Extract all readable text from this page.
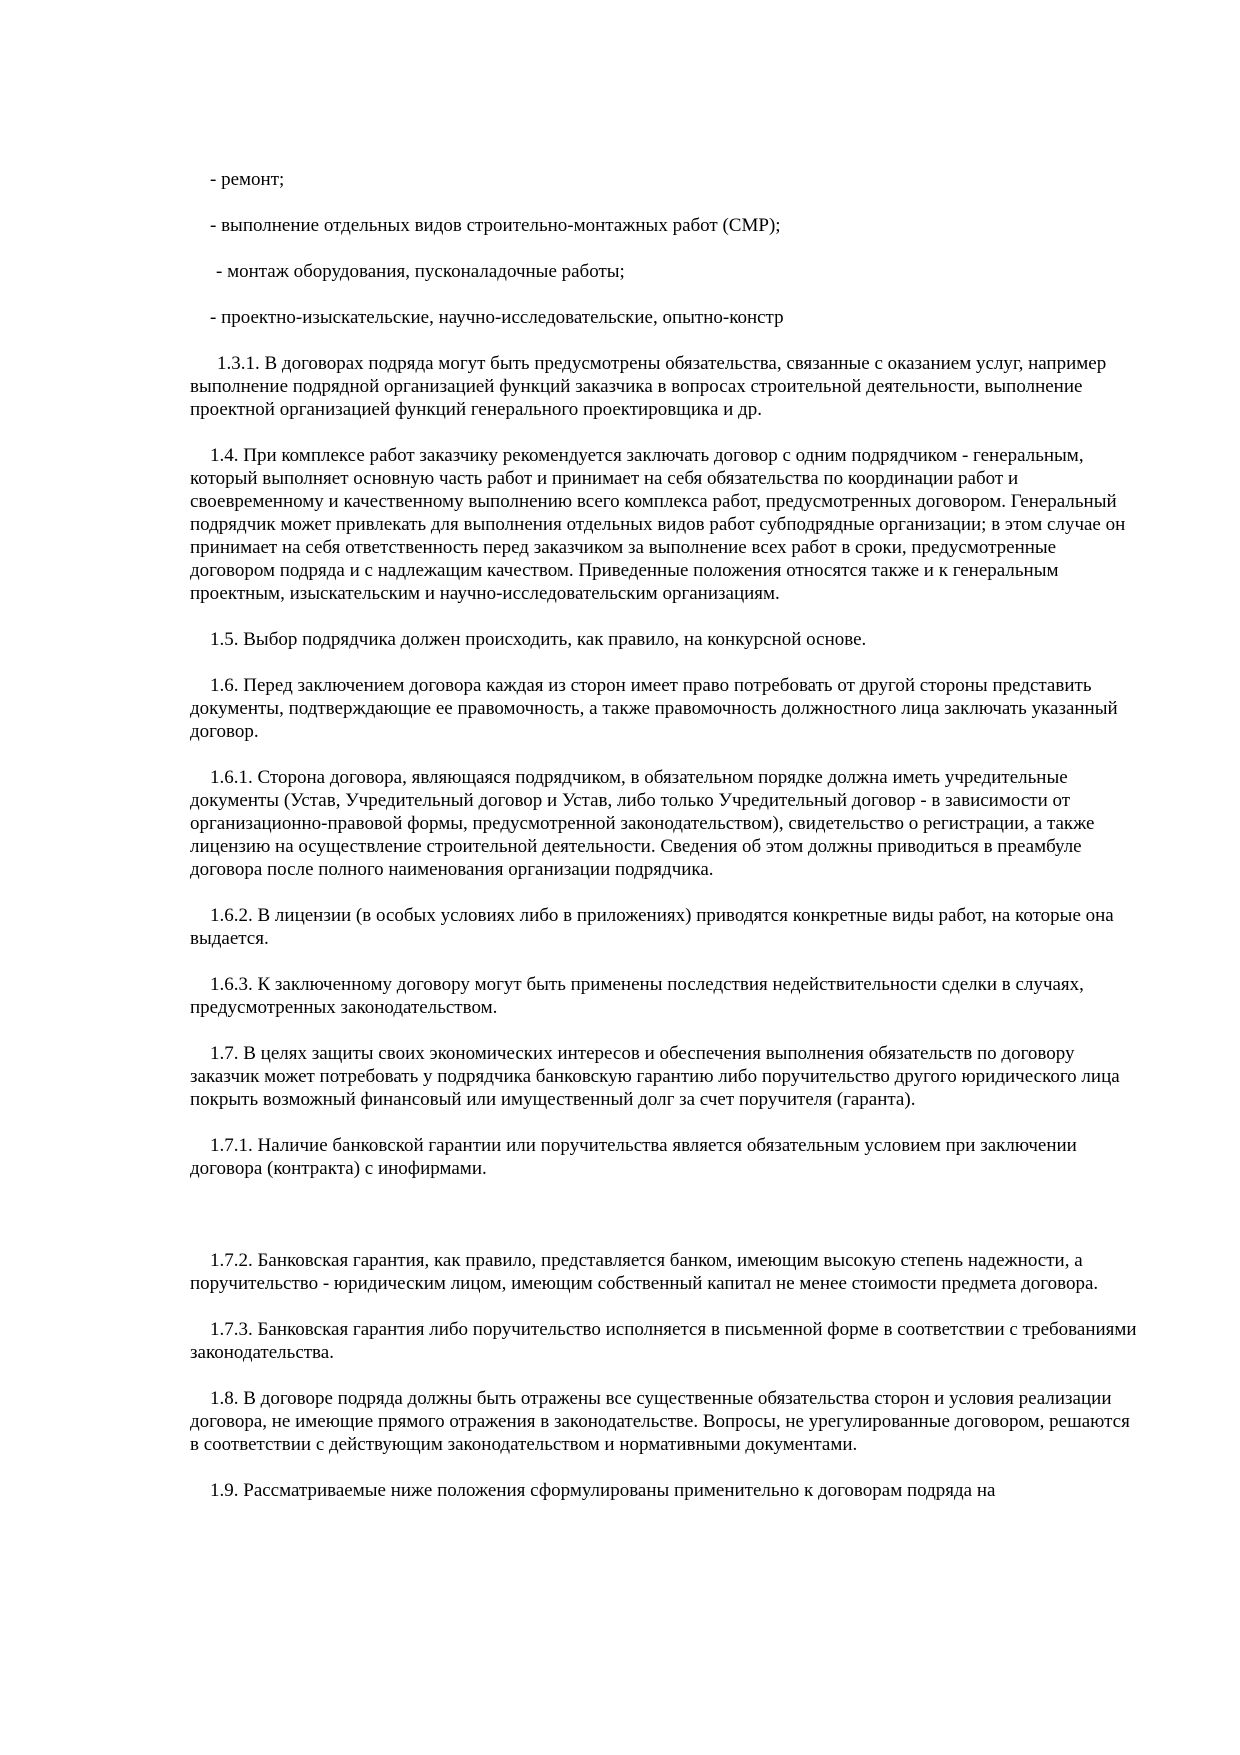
- ремонт;

- выполнение отдельных видов строительно-монтажных работ (СМР);

- монтаж оборудования, пусконаладочные работы;

- проектно-изыскательские, научно-исследовательские, опытно-констр

1.3.1. В договорах подряда могут быть предусмотрены обязательства, связанные с оказанием услуг, например выполнение подрядной организацией функций заказчика в вопросах строительной деятельности, выполнение проектной организацией функций генерального проектировщика и др.

1.4. При комплексе работ заказчику рекомендуется заключать договор с одним подрядчиком - генеральным, который выполняет основную часть работ и принимает на себя обязательства по координации работ и своевременному и качественному выполнению всего комплекса работ, предусмотренных договором. Генеральный подрядчик может привлекать для выполнения отдельных видов работ субподрядные организации; в этом случае он принимает на себя ответственность перед заказчиком за выполнение всех работ в сроки, предусмотренные договором подряда и с надлежащим качеством. Приведенные положения относятся также и к генеральным проектным, изыскательским и научно-исследовательским организациям.

1.5. Выбор подрядчика должен происходить, как правило, на конкурсной основе.

1.6. Перед заключением договора каждая из сторон имеет право потребовать от другой стороны представить документы, подтверждающие ее правомочность, а также правомочность должностного лица заключать указанный договор.

1.6.1. Сторона договора, являющаяся подрядчиком, в обязательном порядке должна иметь учредительные документы (Устав, Учредительный договор и Устав, либо только Учредительный договор - в зависимости от организационно-правовой формы, предусмотренной законодательством), свидетельство о регистрации, а также лицензию на осуществление строительной деятельности. Сведения об этом должны приводиться в преамбуле договора после полного наименования организации подрядчика.

1.6.2. В лицензии (в особых условиях либо в приложениях) приводятся конкретные виды работ, на которые она выдается.

1.6.3. К заключенному договору могут быть применены последствия недействительности сделки в случаях, предусмотренных законодательством.

1.7. В целях защиты своих экономических интересов и обеспечения выполнения обязательств по договору заказчик может потребовать у подрядчика банковскую гарантию либо поручительство другого юридического лица покрыть возможный финансовый или имущественный долг за счет поручителя (гаранта).

1.7.1. Наличие банковской гарантии или поручительства является обязательным условием при заключении договора (контракта) с инофирмами.

1.7.2. Банковская гарантия, как правило, представляется банком, имеющим высокую степень надежности, а поручительство - юридическим лицом, имеющим собственный капитал не менее стоимости предмета договора.

1.7.3. Банковская гарантия либо поручительство исполняется в письменной форме в соответствии с требованиями законодательства.

1.8. В договоре подряда должны быть отражены все существенные обязательства сторон и условия реализации договора, не имеющие прямого отражения в законодательстве. Вопросы, не урегулированные договором, решаются в соответствии с действующим законодательством и нормативными документами.

1.9. Рассматриваемые ниже положения сформулированы применительно к договорам подряда на
